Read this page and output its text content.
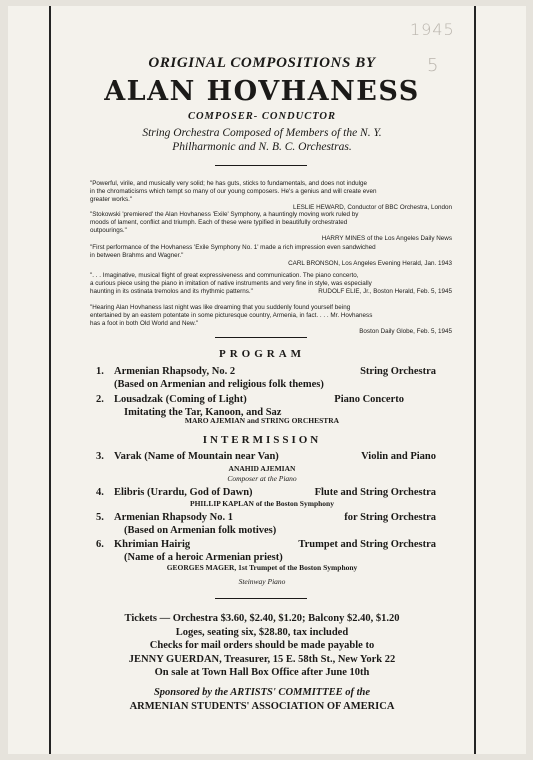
1945
5
ORIGINAL COMPOSITIONS BY
ALAN HOVHANESS
COMPOSER- CONDUCTOR
String Orchestra Composed of Members of the N. Y.
Philharmonic and N. B. C. Orchestras.
"Powerful, virile, and musically very solid; he has guts, sticks to fundamentals, and does not indulge
in the chromaticisms which tempt so many of our young composers. He's a genius and will create even
greater works."
LESLIE HEWARD, Conductor of BBC Orchestra, London
"Stokowski 'premiered' the Alan Hovhaness 'Exile' Symphony, a hauntingly moving work ruled by
moods of lament, conflict and triumph. Each of these were typified in beautifully orchestrated
outpourings."
HARRY MINES of the Los Angeles Daily News
"First performance of the Hovhaness 'Exile Symphony No. 1' made a rich impression even sandwiched
in between Brahms and Wagner."
CARL BRONSON, Los Angeles Evening Herald, Jan. 1943
". . . Imaginative, musical flight of great expressiveness and communication. The piano concerto,
a curious piece using the piano in imitation of native instruments and very fine in style, was especially
haunting in its ostinata tremolos and its rhythmic patterns."	RUDOLF ELIE, Jr., Boston Herald, Feb. 5, 1945
"Hearing Alan Hovhaness last night was like dreaming that you suddenly found yourself being
entertained by an eastern potentate in some picturesque country, Armenia, in fact. . . . Mr. Hovhaness
has a foot in both Old World and New."
Boston Daily Globe, Feb. 5, 1945
PROGRAM
1. Armenian Rhapsody, No. 2	String Orchestra
(Based on Armenian and religious folk themes)
2. Lousadzak (Coming of Light)	Piano Concerto
Imitating the Tar, Kanoon, and Saz
MARO AJEMIAN and STRING ORCHESTRA
INTERMISSION
3. Varak (Name of Mountain near Van)	Violin and Piano
ANAHID AJEMIAN
Composer at the Piano
4. Elibris (Urardu, God of Dawn)	Flute and String Orchestra
PHILLIP KAPLAN of the Boston Symphony
5. Armenian Rhapsody No. 1	for String Orchestra
(Based on Armenian folk motives)
6. Khrimian Hairig	Trumpet and String Orchestra
(Name of a heroic Armenian priest)
GEORGES MAGER, 1st Trumpet of the Boston Symphony
Steinway Piano
Tickets — Orchestra $3.60, $2.40, $1.20; Balcony $2.40, $1.20
Loges, seating six, $28.80, tax included
Checks for mail orders should be made payable to
JENNY GUERDAN, Treasurer, 15 E. 58th St., New York 22
On sale at Town Hall Box Office after June 10th
Sponsored by the ARTISTS' COMMITTEE of the
ARMENIAN STUDENTS' ASSOCIATION OF AMERICA
